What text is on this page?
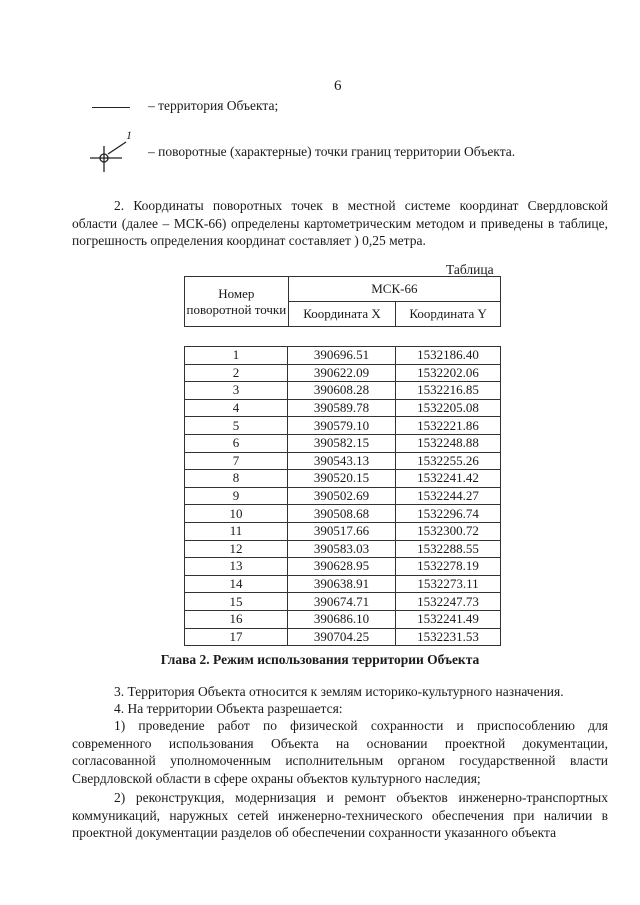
6
– территория Объекта;
1
– поворотные (характерные) точки границ территории Объекта.

2. Координаты поворотных точек в местной системе координат Свердловской области (далее – МСК-66) определены картометрическим методом и приведены в таблице, погрешность определения координат составляет ) 0,25 метра.

Таблица
Номер поворотной точки	МСК-66	
	Координата X	Координата Y
1	390696.51	1532186.40
2	390622.09	1532202.06
3	390608.28	1532216.85
4	390589.78	1532205.08
5	390579.10	1532221.86
6	390582.15	1532248.88
7	390543.13	1532255.26
8	390520.15	1532241.42
9	390502.69	1532244.27
10	390508.68	1532296.74
11	390517.66	1532300.72
12	390583.03	1532288.55
13	390628.95	1532278.19
14	390638.91	1532273.11
15	390674.71	1532247.73
16	390686.10	1532241.49
17	390704.25	1532231.53
Глава 2. Режим использования территории Объекта

3. Территория Объекта относится к землям историко-культурного назначения.

4. На территории Объекта разрешается:

1) проведение работ по физической сохранности и приспособлению для современного использования Объекта на основании проектной документации, согласованной уполномоченным исполнительным органом государственной власти Свердловской области в сфере охраны объектов культурного наследия;

2) реконструкция, модернизация и ремонт объектов инженерно-транспортных коммуникаций, наружных сетей инженерно-технического обеспечения при наличии в проектной документации разделов об обеспечении сохранности указанного объекта
